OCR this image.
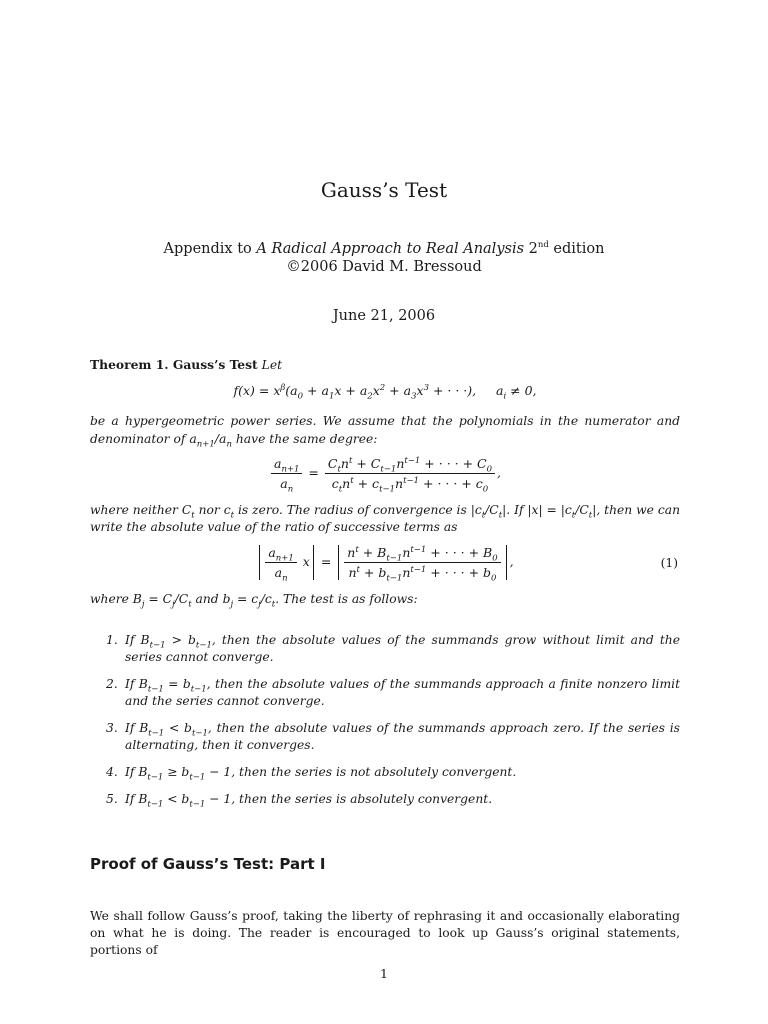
Gauss’s Test
Appendix to A Radical Approach to Real Analysis 2nd edition
©2006 David M. Bressoud
June 21, 2006
Theorem 1. Gauss’s Test Let
$f(x) = x^\beta(a_0 + a_1x + a_2x^2 + a_3x^3$ + · · ·),     $a_i \ne 0$,
be a hypergeometric power series. We assume that the polynomials in the numerator and denominator of $a_{n+1}/a_n$ have the same degree:
$\frac{a_{n+1}}{a_n} = \frac{C_tn^t + C_{t-1}n^{t-1} + \cdot \cdot \cdot + C_0}{c_tn^t + c_{t-1}n^{t-1} + \cdot \cdot \cdot + c_0}$ ,
where neither $C_t$ nor $c_t$ is zero. The radius of convergence is $|c_t/C_t|$. If $|x| = |c_t/C_t|$, then we can write the absolute value of the ratio of successive terms as
$\frac{a_{n+1}}{a_n}$ $x = \frac{n^t + B_{t-1}n^{t-1} + \cdot \cdot \cdot + B_0}{n^t + b_{t-1}n^{t-1} + \cdot \cdot \cdot + b_0}$ ,	(1)
where $B_j = C_j/C_t$ and $b_j = c_j/c_t$. The test is as follows:
1. If $B_{t-1} > b_{t-1}$, then the absolute values of the summands grow without limit and the series cannot converge.
2. If $B_{t-1} = b_{t-1}$, then the absolute values of the summands approach a finite nonzero limit and the series cannot converge.
3. If $B_{t-1} < b_{t-1}$, then the absolute values of the summands approach zero. If the series is alternating, then it converges.
4. If $B_{t-1} \ge b_{t-1} - 1$, then the series is not absolutely convergent.
5. If $B_{t-1} < b_{t-1} - 1$, then the series is absolutely convergent.
Proof of Gauss’s Test: Part I
We shall follow Gauss’s proof, taking the liberty of rephrasing it and occasionally elaborating on what he is doing. The reader is encouraged to look up Gauss’s original statements, portions of
1
